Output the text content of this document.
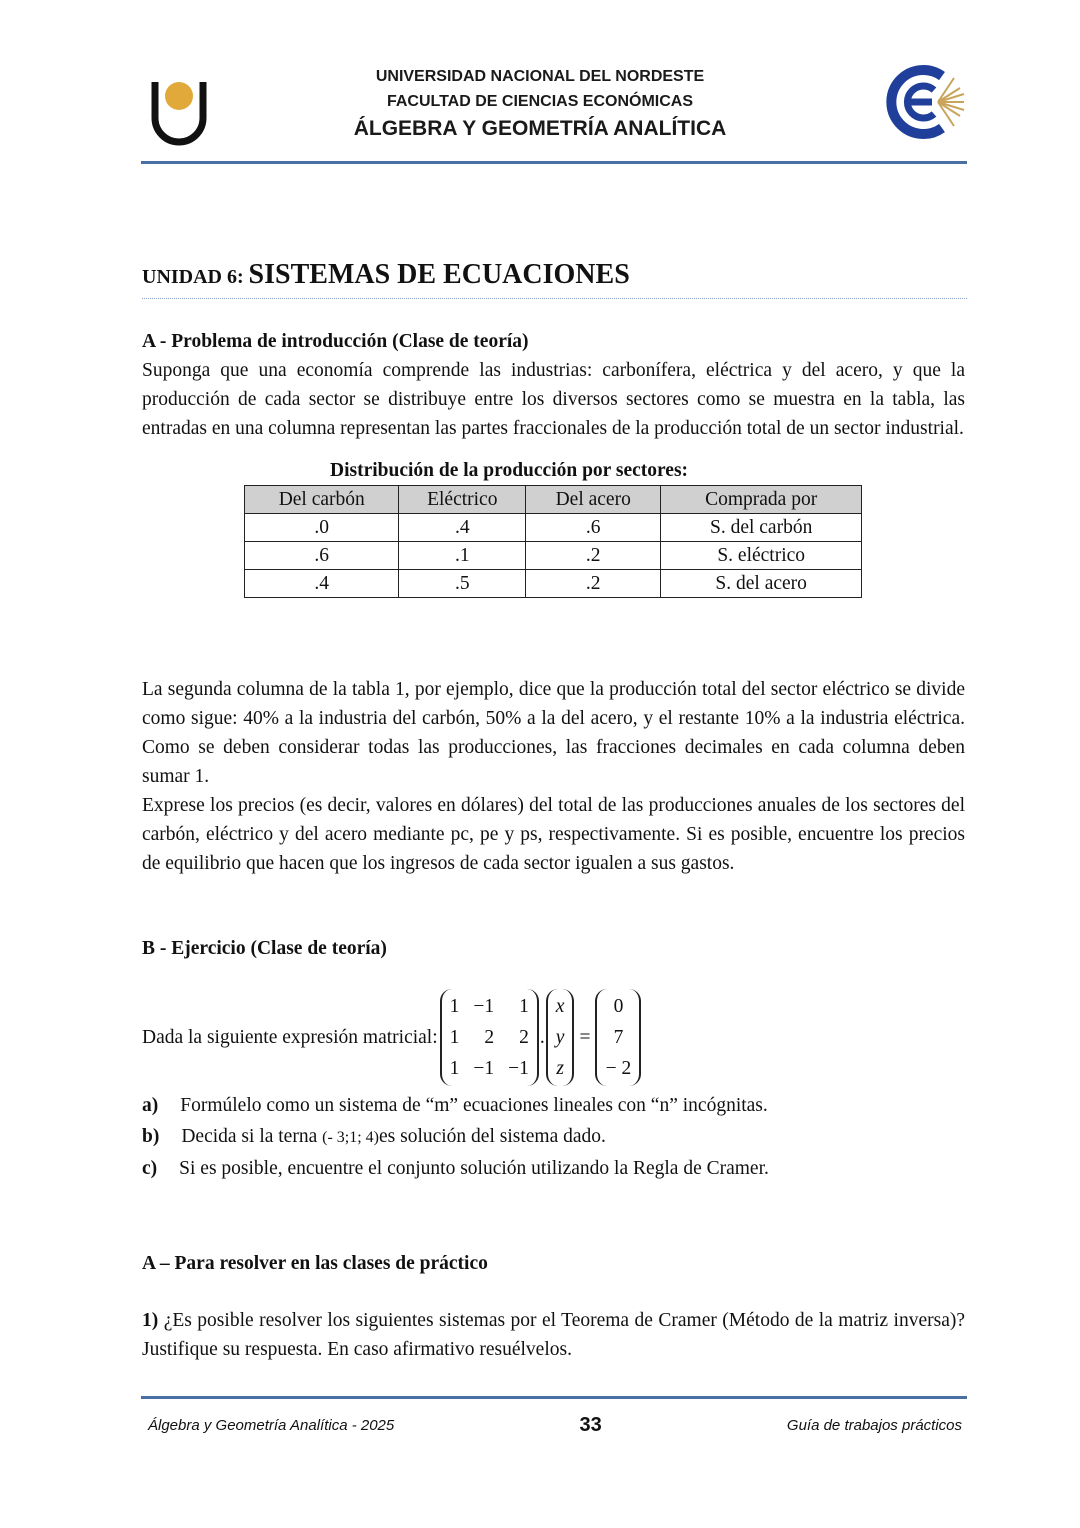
UNIVERSIDAD NACIONAL DEL NORDESTE
FACULTAD DE CIENCIAS ECONÓMICAS
ÁLGEBRA Y GEOMETRÍA ANALÍTICA
UNIDAD 6: SISTEMAS DE ECUACIONES
A - Problema de introducción (Clase de teoría)

Suponga que una economía comprende las industrias: carbonífera, eléctrica y del acero, y que la producción de cada sector se distribuye entre los diversos sectores como se muestra en la tabla, las entradas en una columna representan las partes fraccionales de la producción total de un sector industrial.

Distribución de la producción por sectores:
Del carbón	Eléctrico	Del acero	Comprada por
.0	.4	.6	S. del carbón
.6	.1	.2	S. eléctrico
.4	.5	.2	S. del acero

La segunda columna de la tabla 1, por ejemplo, dice que la producción total del sector eléctrico se divide como sigue: 40% a la industria del carbón, 50% a la del acero, y el restante 10% a la industria eléctrica. Como se deben considerar todas las producciones, las fracciones decimales en cada columna deben sumar 1.

Exprese los precios (es decir, valores en dólares) del total de las producciones anuales de los sectores del carbón, eléctrico y del acero mediante pc, pe y ps, respectivamente. Si es posible, encuentre los precios de equilibrio que hacen que los ingresos de cada sector igualen a sus gastos.

B - Ejercicio (Clase de teoría)
Dada la siguiente expresión matricial:
1 −1	1
1	2	2
1 −1 −1
.
x
y
z
=
0
7
− 2
a) Formúlelo como un sistema de “m” ecuaciones lineales con “n” incógnitas.
b) Decida si la terna (- 3;1; 4)es solución del sistema dado.
c) Si es posible, encuentre el conjunto solución utilizando la Regla de Cramer.
A – Para resolver en las clases de práctico

1) ¿Es posible resolver los siguientes sistemas por el Teorema de Cramer (Método de la matriz inversa)? Justifique su respuesta. En caso afirmativo resuélvelos.

Álgebra y Geometría Analítica - 2025	33	Guía de trabajos prácticos
